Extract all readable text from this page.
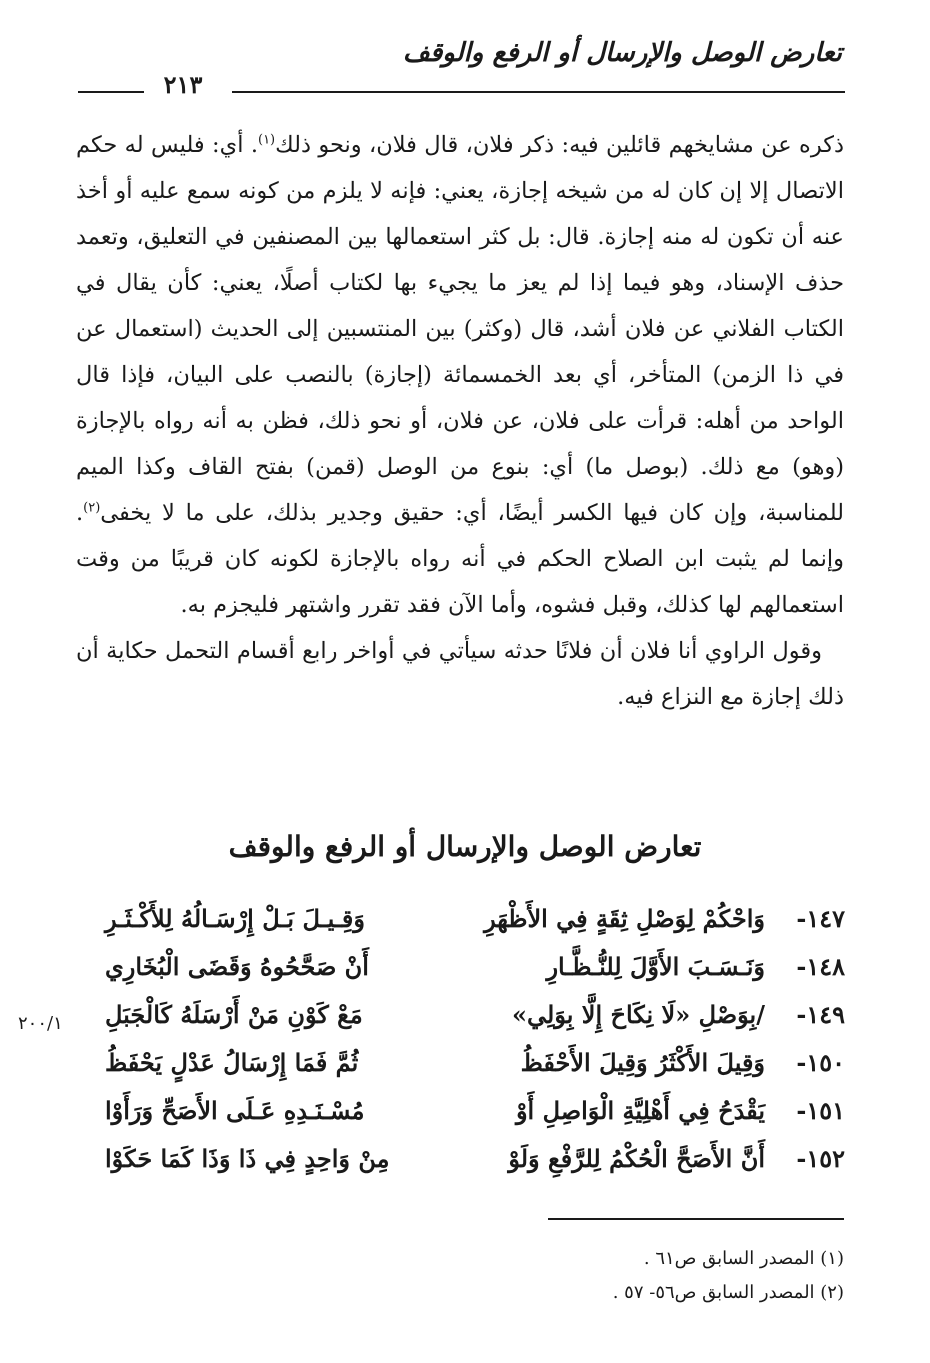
تعارض الوصل والإرسال أو الرفع والوقف
٢١٣

ذكره عن مشايخهم قائلين فيه: ذكر فلان، قال فلان، ونحو ذلك$^{(١)}$. أي: فليس له حكم الاتصال إلا إن كان له من شيخه إجازة، يعني: فإنه لا يلزم من كونه سمع عليه أو أخذ عنه أن تكون له منه إجازة. قال: بل كثر استعمالها بين المصنفين في التعليق، وتعمد حذف الإسناد، وهو فيما إذا لم يعز ما يجيء بها لكتاب أصلًا، يعني: كأن يقال في الكتاب الفلاني عن فلان أشد، قال (وكثر) بين المنتسبين إلى الحديث (استعمال عن في ذا الزمن) المتأخر، أي بعد الخمسمائة (إجازة) بالنصب على البيان، فإذا قال الواحد من أهله: قرأت على فلان، عن فلان، أو نحو ذلك، فظن به أنه رواه بالإجازة (وهو) مع ذلك. (بوصل ما) أي: بنوع من الوصل (قمن) بفتح القاف وكذا الميم للمناسبة، وإن كان فيها الكسر أيضًا، أي: حقيق وجدير بذلك، على ما لا يخفى$^{(٢)}$. وإنما لم يثبت ابن الصلاح الحكم في أنه رواه بالإجازة لكونه كان قريبًا من وقت استعمالهم لها كذلك، وقبل فشوه، وأما الآن فقد تقرر واشتهر فليجزم به.

وقول الراوي أنا فلان أن فلانًا حدثه سيأتي في أواخر رابع أقسام التحمل حكاية أن ذلك إجازة مع النزاع فيه.

تعارض الوصل والإرسال أو الرفع والوقف
١٤٧-
وَاحْكُمْ لِوَصْلِ ثِقَةٍ فِي الأَظْهَرِ
وَقِـيـلَ بَـلْ إِرْسَـالُهُ لِلأَكْـثَـرِ
١٤٨-
وَنَـسَـبَ الأَوَّلَ لِلنُّـظَّـارِ
أَنْ صَحَّحُوهُ وَقَضَى الْبُخَارِي
١٤٩-
/بِوَصْلِ «لَا نِكَاحَ إِلَّا بِوَلِي»
مَعْ كَوْنِ مَنْ أَرْسَلَهُ كَالْجَبَلِ
١٥٠-
وَقِيلَ الأَكْثَرُ وَقِيلَ الأَحْفَظُ
ثُمَّ فَمَا إِرْسَالُ عَدْلٍ يَحْفَظُ
١٥١-
يَقْدَحُ فِي أَهْلِيَّةِ الْوَاصِلِ أَوْ
مُسْـنَـدِهِ عَـلَى الأَصَحِّ وَرَأَوْا
١٥٢-
أَنَّ الأَصَحَّ الْحُكْمُ لِلرَّفْعِ وَلَوْ
مِنْ وَاحِدٍ فِي ذَا وَذَا كَمَا حَكَوْا
٢٠٠/١
(١) المصدر السابق ص٦١ .
(٢) المصدر السابق ص٥٦- ٥٧ .
